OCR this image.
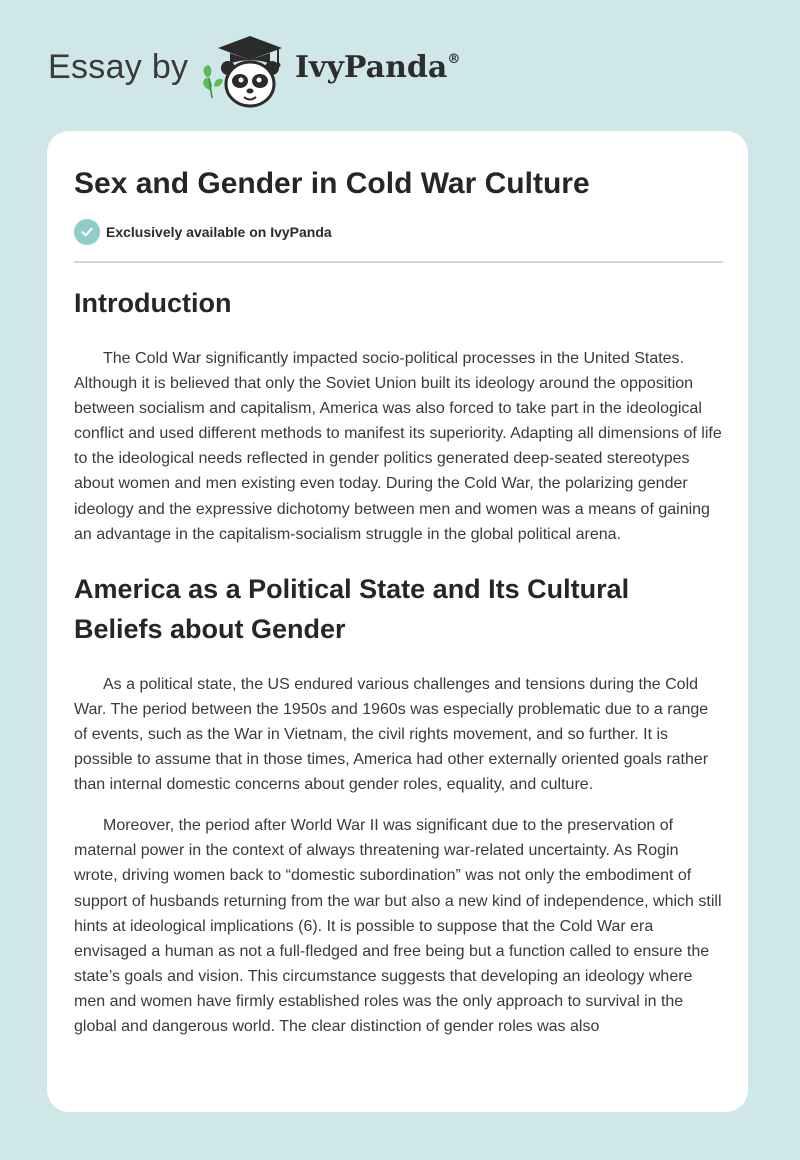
Essay by	IvyPanda®
Sex and Gender in Cold War Culture
Exclusively available on IvyPanda
Introduction

The Cold War significantly impacted socio-political processes in the United States. Although it is believed that only the Soviet Union built its ideology around the opposition between socialism and capitalism, America was also forced to take part in the ideological conflict and used different methods to manifest its superiority. Adapting all dimensions of life to the ideological needs reflected in gender politics generated deep-seated stereotypes about women and men existing even today. During the Cold War, the polarizing gender ideology and the expressive dichotomy between men and women was a means of gaining an advantage in the capitalism-socialism struggle in the global political arena.

America as a Political State and Its Cultural Beliefs about Gender

As a political state, the US endured various challenges and tensions during the Cold War. The period between the 1950s and 1960s was especially problematic due to a range of events, such as the War in Vietnam, the civil rights movement, and so further. It is possible to assume that in those times, America had other externally oriented goals rather than internal domestic concerns about gender roles, equality, and culture.

Moreover, the period after World War II was significant due to the preservation of maternal power in the context of always threatening war-related uncertainty. As Rogin wrote, driving women back to “domestic subordination” was not only the embodiment of support of husbands returning from the war but also a new kind of independence, which still hints at ideological implications (6). It is possible to suppose that the Cold War era envisaged a human as not a full-fledged and free being but a function called to ensure the state’s goals and vision. This circumstance suggests that developing an ideology where men and women have firmly established roles was the only approach to survival in the global and dangerous world. The clear distinction of gender roles was also
